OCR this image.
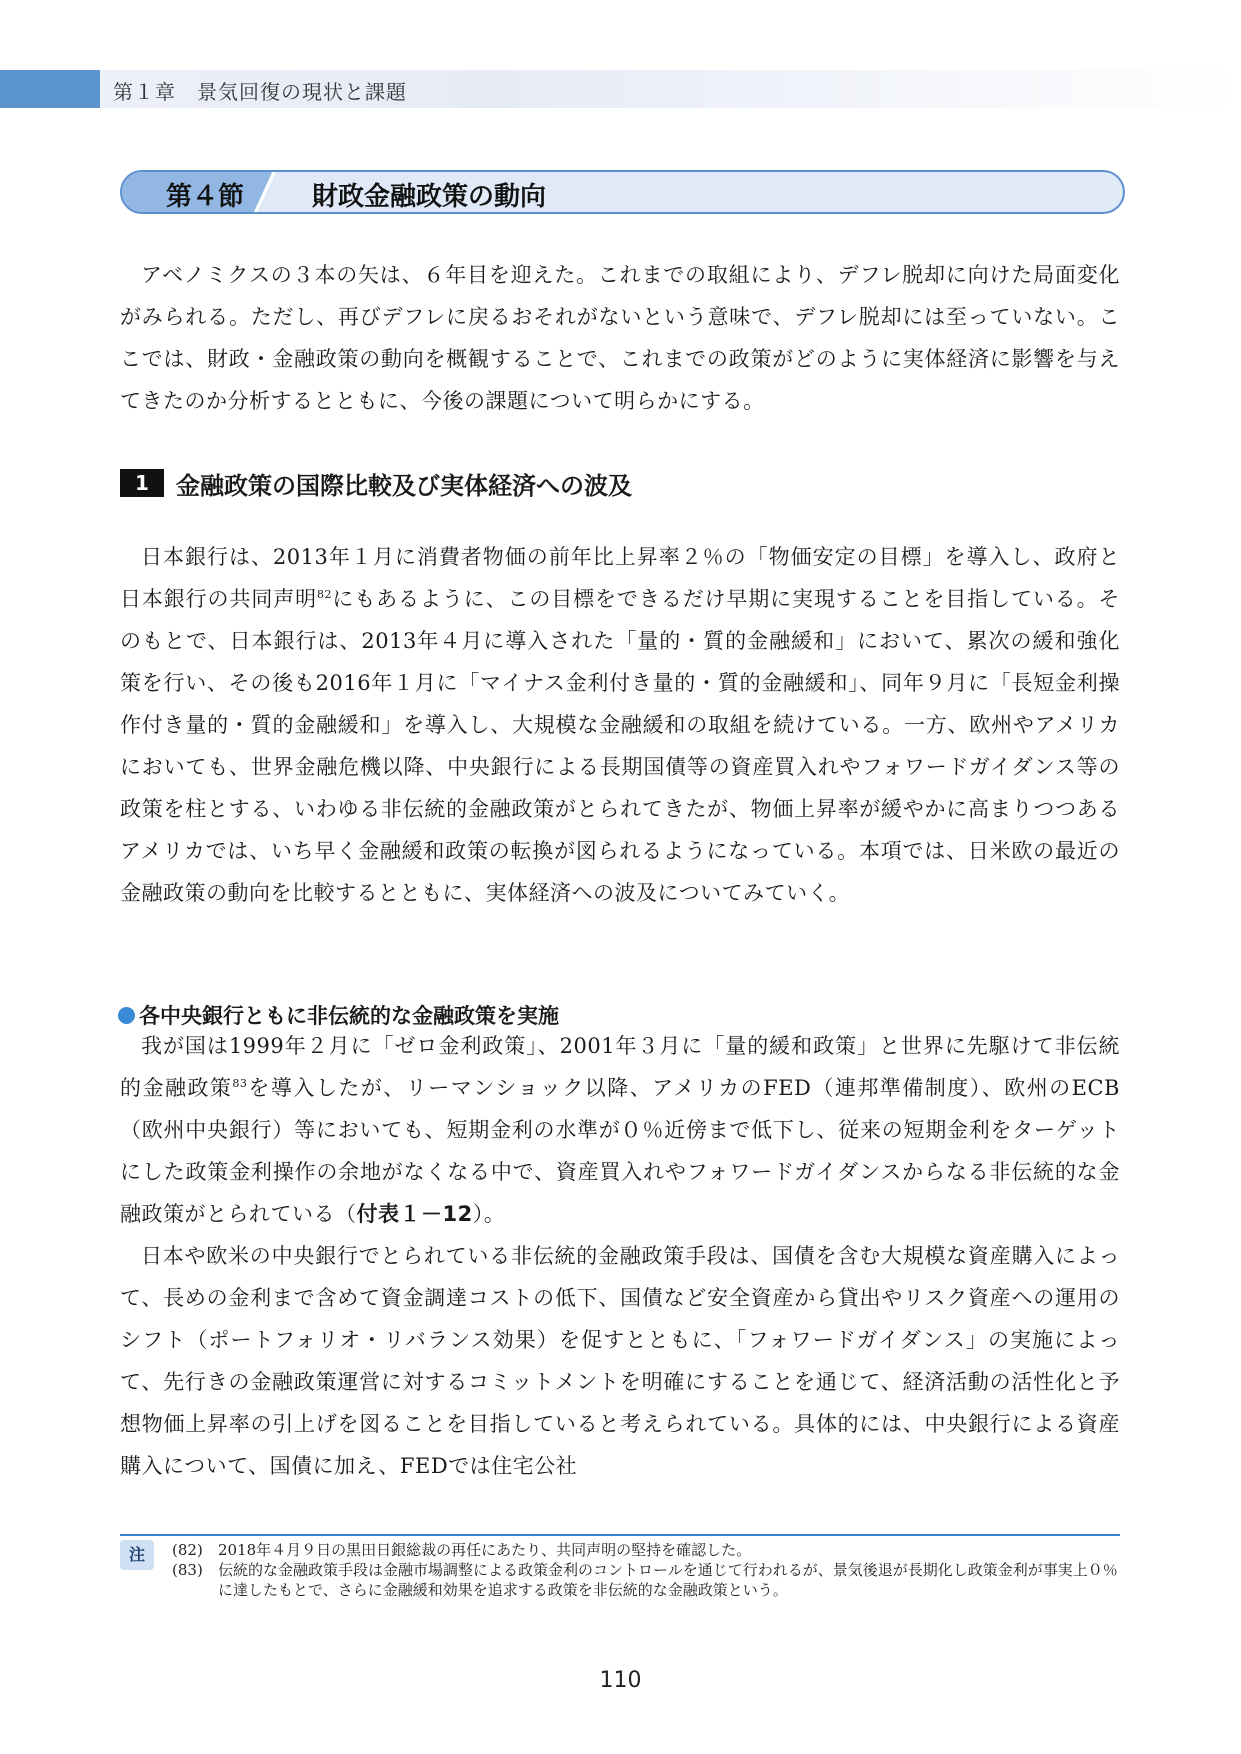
第１章　景気回復の現状と課題
第４節	財政金融政策の動向

アベノミクスの３本の矢は、６年目を迎えた。これまでの取組により、デフレ脱却に向けた局面変化がみられる。ただし、再びデフレに戻るおそれがないという意味で、デフレ脱却には至っていない。ここでは、財政・金融政策の動向を概観することで、これまでの政策がどのように実体経済に影響を与えてきたのか分析するとともに、今後の課題について明らかにする。

1	金融政策の国際比較及び実体経済への波及

日本銀行は、2013年１月に消費者物価の前年比上昇率２％の「物価安定の目標」を導入し、政府と日本銀行の共同声明$^{82}$にもあるように、この目標をできるだけ早期に実現することを目指している。そのもとで、日本銀行は、2013年４月に導入された「量的・質的金融緩和」において、累次の緩和強化策を行い、その後も2016年１月に「マイナス金利付き量的・質的金融緩和」、同年９月に「長短金利操作付き量的・質的金融緩和」を導入し、大規模な金融緩和の取組を続けている。一方、欧州やアメリカにおいても、世界金融危機以降、中央銀行による長期国債等の資産買入れやフォワードガイダンス等の政策を柱とする、いわゆる非伝統的金融政策がとられてきたが、物価上昇率が緩やかに高まりつつあるアメリカでは、いち早く金融緩和政策の転換が図られるようになっている。本項では、日米欧の最近の金融政策の動向を比較するとともに、実体経済への波及についてみていく。

各中央銀行ともに非伝統的な金融政策を実施

我が国は1999年２月に「ゼロ金利政策」、2001年３月に「量的緩和政策」と世界に先駆けて非伝統的金融政策$^{83}$を導入したが、リーマンショック以降、アメリカのFED（連邦準備制度）、欧州のECB（欧州中央銀行）等においても、短期金利の水準が０％近傍まで低下し、従来の短期金利をターゲットにした政策金利操作の余地がなくなる中で、資産買入れやフォワードガイダンスからなる非伝統的な金融政策がとられている（付表１－12）。

日本や欧米の中央銀行でとられている非伝統的金融政策手段は、国債を含む大規模な資産購入によって、長めの金利まで含めて資金調達コストの低下、国債など安全資産から貸出やリスク資産への運用のシフト（ポートフォリオ・リバランス効果）を促すとともに、「フォワードガイダンス」の実施によって、先行きの金融政策運営に対するコミットメントを明確にすることを通じて、経済活動の活性化と予想物価上昇率の引上げを図ることを目指していると考えられている。具体的には、中央銀行による資産購入について、国債に加え、FEDでは住宅公社

注	(82)	2018年４月９日の黒田日銀総裁の再任にあたり、共同声明の堅持を確認した。
(83)	伝統的な金融政策手段は金融市場調整による政策金利のコントロールを通じて行われるが、景気後退が長期化し政策金利が事実上０％に達したもとで、さらに金融緩和効果を追求する政策を非伝統的な金融政策という。
110
